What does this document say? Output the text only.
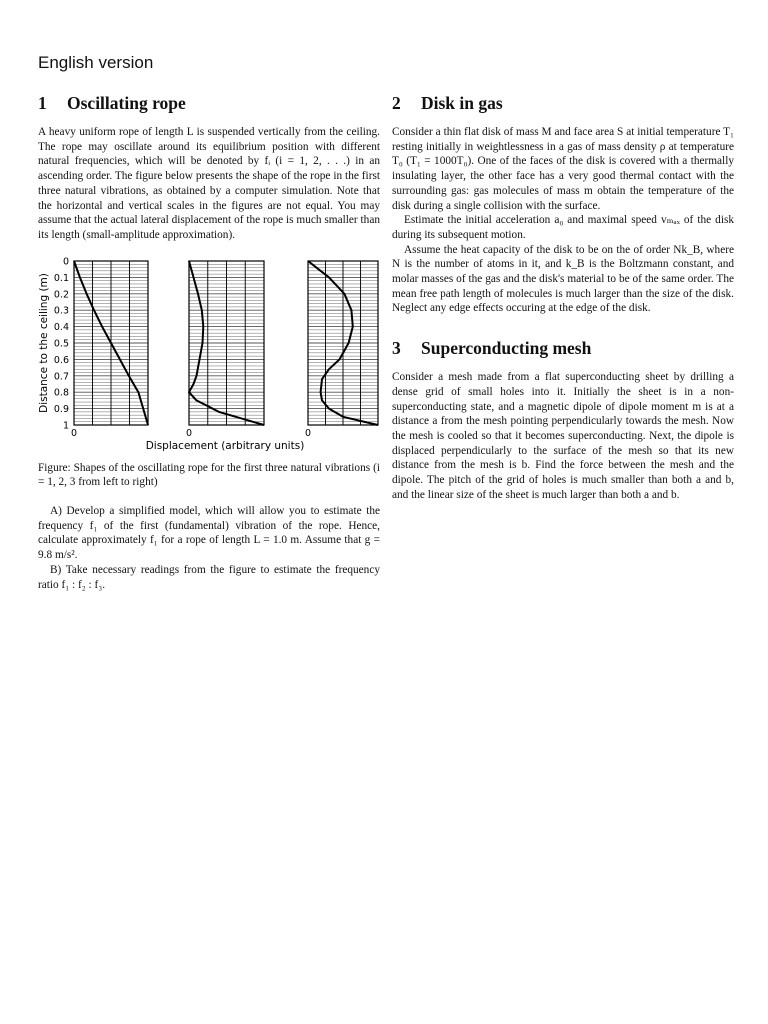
English version
1 Oscillating rope

A heavy uniform rope of length L is suspended vertically from the ceiling. The rope may oscillate around its equilibrium position with different natural frequencies, which will be denoted by fᵢ (i = 1, 2, . . .) in an ascending order. The figure below presents the shape of the rope in the first three natural vibrations, as obtained by a computer simulation. Note that the horizontal and vertical scales in the figures are not equal. You may assume that the actual lateral displacement of the rope is much smaller than its length (small-amplitude approximation).

0	0	0
0
0.1
0.2
0.3
0.4
0.5
0.6
0.7
0.8
0.9
1
Distance to the ceiling (m)
Displacement (arbitrary units)

Figure: Shapes of the oscillating rope for the first three natural vibrations (i = 1, 2, 3 from left to right)

A) Develop a simplified model, which will allow you to estimate the frequency f₁ of the first (fundamental) vibration of the rope. Hence, calculate approximately f₁ for a rope of length L = 1.0 m. Assume that g = 9.8 m/s².

B) Take necessary readings from the figure to estimate the frequency ratio f₁ : f₂ : f₃.

2 Disk in gas

Consider a thin flat disk of mass M and face area S at initial temperature T₁ resting initially in weightlessness in a gas of mass density ρ at temperature T₀ (T₁ = 1000T₀). One of the faces of the disk is covered with a thermally insulating layer, the other face has a very good thermal contact with the surrounding gas: gas molecules of mass m obtain the temperature of the disk during a single collision with the surface.

Estimate the initial acceleration a₀ and maximal speed vₘₐₓ of the disk during its subsequent motion.

Assume the heat capacity of the disk to be on the of order Nk_B, where N is the number of atoms in it, and k_B is the Boltzmann constant, and molar masses of the gas and the disk's material to be of the same order. The mean free path length of molecules is much larger than the size of the disk. Neglect any edge effects occuring at the edge of the disk.

3 Superconducting mesh

Consider a mesh made from a flat superconducting sheet by drilling a dense grid of small holes into it. Initially the sheet is in a non-superconducting state, and a magnetic dipole of dipole moment m is at a distance a from the mesh pointing perpendicularly towards the mesh. Now the mesh is cooled so that it becomes superconducting. Next, the dipole is displaced perpendicularly to the surface of the mesh so that its new distance from the mesh is b. Find the force between the mesh and the dipole. The pitch of the grid of holes is much smaller than both a and b, and the linear size of the sheet is much larger than both a and b.
